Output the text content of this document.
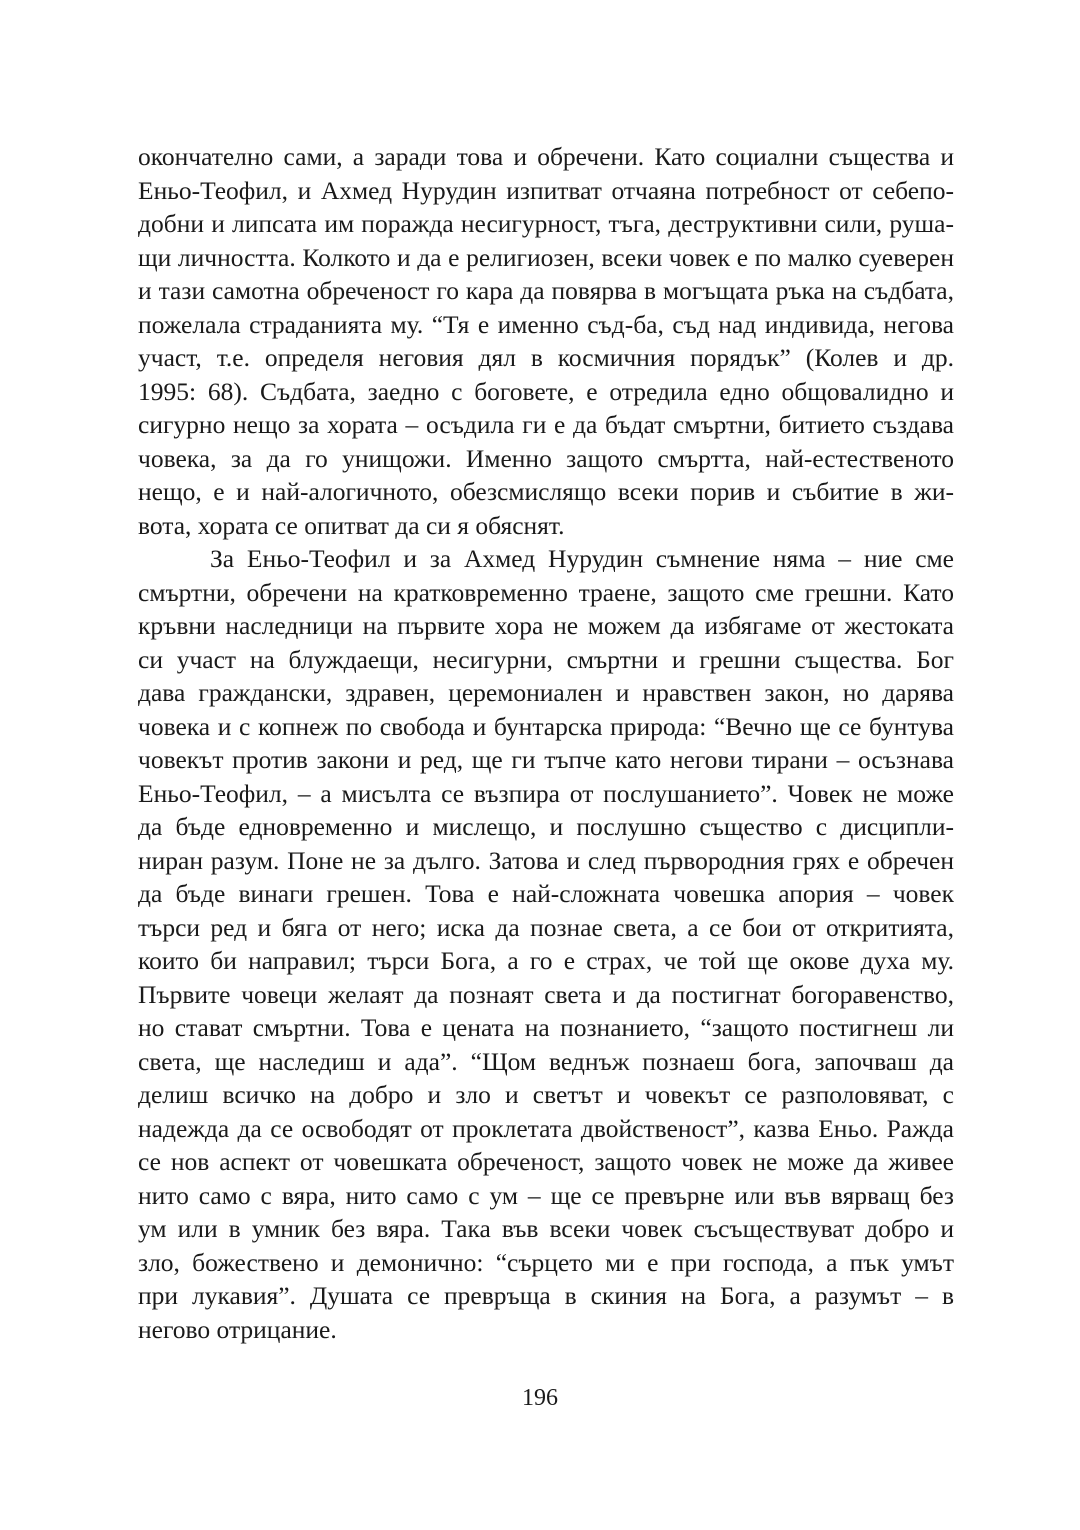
окончателно сами, а заради това и обречени. Като социални същества и
Еньо-Теофил, и Ахмед Нурудин изпитват отчаяна потребност от себепо-
добни и липсата им поражда несигурност, тъга, деструктивни сили, руша-
щи личността. Колкото и да е религиозен, всеки човек е по малко суеверен
и тази самотна обреченост го кара да повярва в могъщата ръка на съдбата,
пожелала страданията му. “Тя е именно съд-ба, съд над индивида, негова
участ, т.е. определя неговия дял в космичния порядък” (Колев и др.
1995: 68). Съдбата, заедно с боговете, е отредила едно общовалидно и
сигурно нещо за хората – осъдила ги е да бъдат смъртни, битието създава
човека, за да го унищожи. Именно защото смъртта, най-естественото
нещо, е и най-алогичното, обезсмислящо всеки порив и събитие в жи-
вота, хората се опитват да си я обяснят.
За Еньо-Теофил и за Ахмед Нурудин съмнение няма – ние сме
смъртни, обречени на кратковременно траене, защото сме грешни. Като
кръвни наследници на първите хора не можем да избягаме от жестоката
си участ на блуждаещи, несигурни, смъртни и грешни същества. Бог
дава граждански, здравен, церемониален и нравствен закон, но дарява
човека и с копнеж по свобода и бунтарска природа: “Вечно ще се бунтува
човекът против закони и ред, ще ги тъпче като негови тирани – осъзнава
Еньо-Теофил, – а мисълта се възпира от послушанието”. Човек не може
да бъде едновременно и мислещо, и послушно същество с дисципли-
ниран разум. Поне не за дълго. Затова и след първородния грях е обречен
да бъде винаги грешен. Това е най-сложната човешка апория – човек
търси ред и бяга от него; иска да познае света, а се бои от откритията,
които би направил; търси Бога, а го е страх, че той ще окове духа му.
Първите човеци желаят да познаят света и да постигнат богоравенство,
но стават смъртни. Това е цената на познанието, “защото постигнеш ли
света, ще наследиш и ада”. “Щом веднъж познаеш бога, започваш да
делиш всичко на добро и зло и светът и човекът се разполовяват, с
надежда да се освободят от проклетата двойственост”, казва Еньо. Ражда
се нов аспект от човешката обреченост, защото човек не може да живее
нито само с вяра, нито само с ум – ще се превърне или във вярващ без
ум или в умник без вяра. Така във всеки човек съсъществуват добро и
зло, божествено и демонично: “сърцето ми е при господа, а пък умът
при лукавия”. Душата се превръща в скиния на Бога, а разумът – в
негово отрицание.
196
